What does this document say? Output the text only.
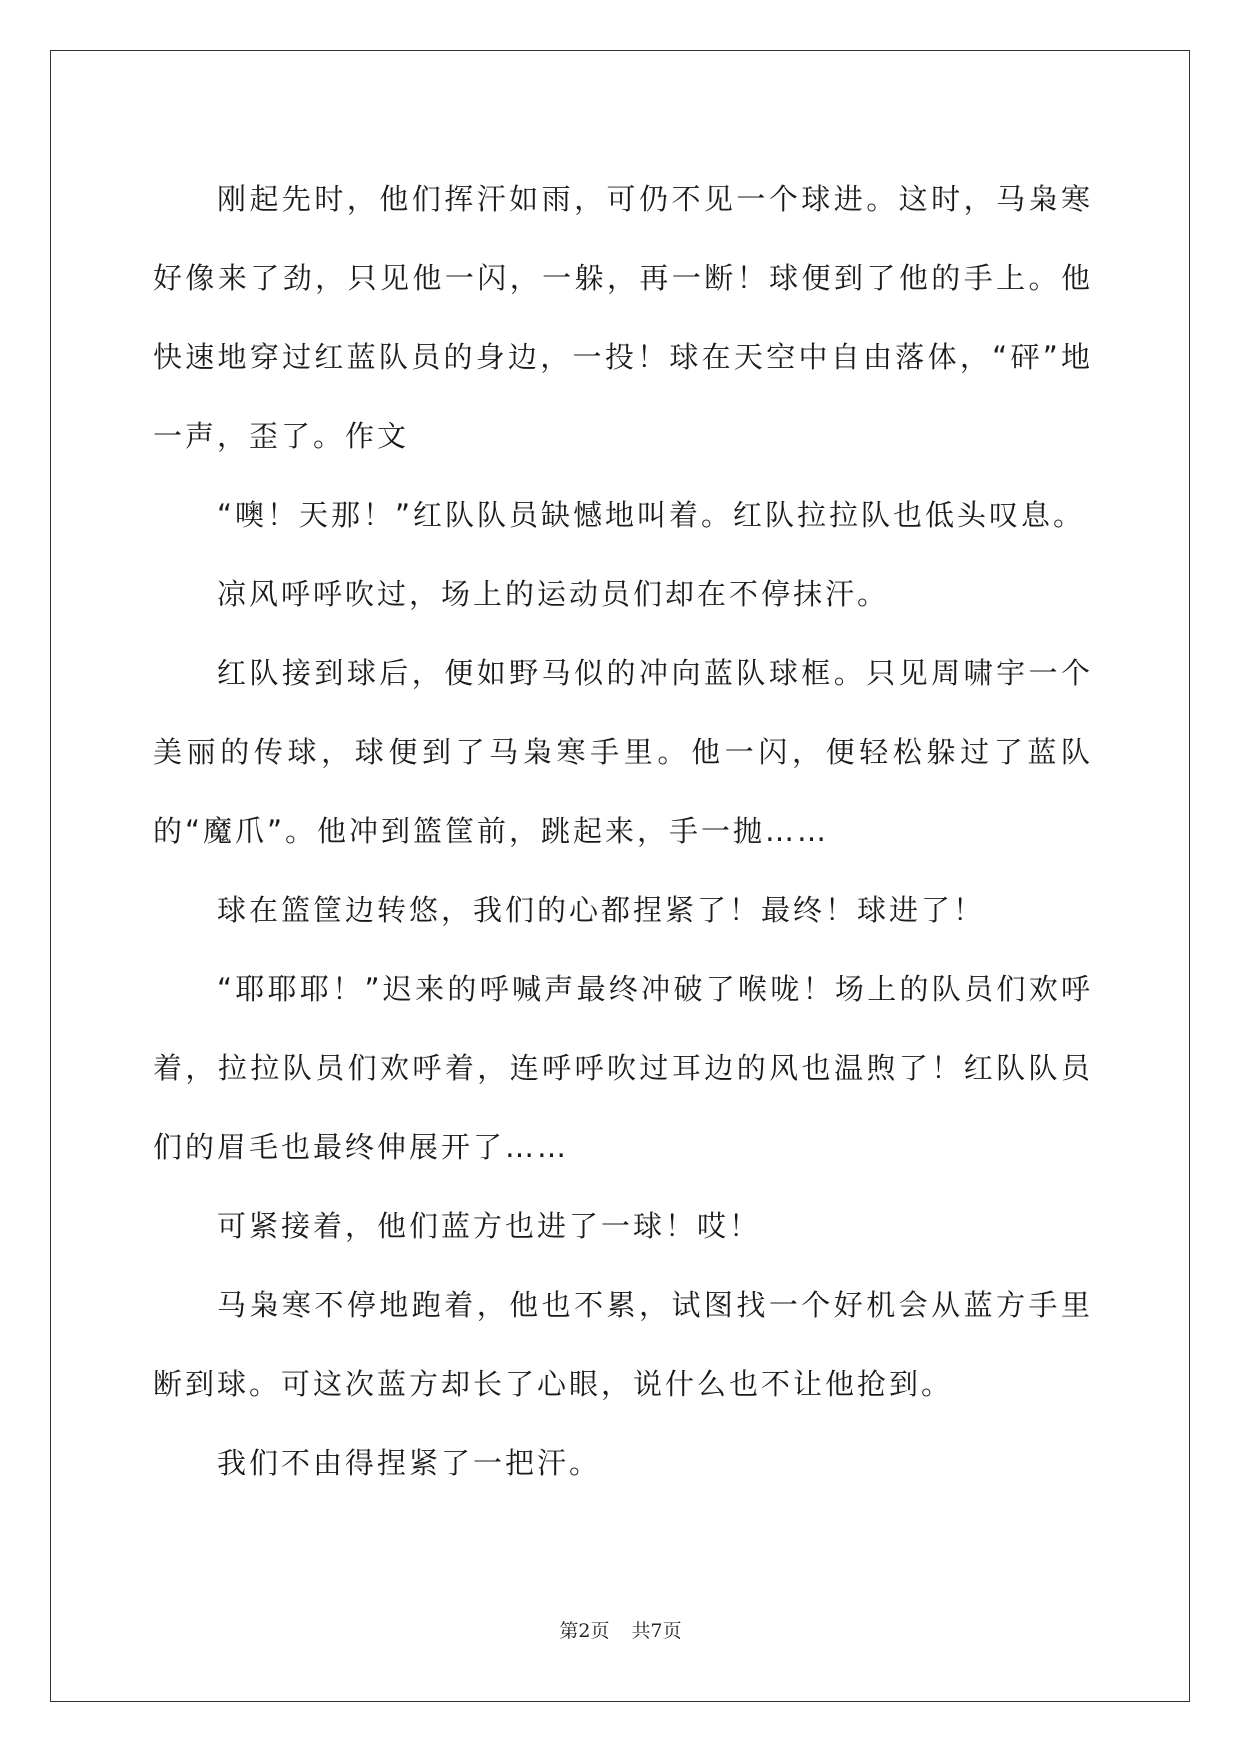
刚起先时，他们挥汗如雨，可仍不见一个球进。这时，马枭寒好像来了劲，只见他一闪，一躲，再一断！球便到了他的手上。他快速地穿过红蓝队员的身边，一投！球在天空中自由落体，“砰”地一声，歪了。作文

“噢！天那！”红队队员缺憾地叫着。红队拉拉队也低头叹息。

凉风呼呼吹过，场上的运动员们却在不停抹汗。

红队接到球后，便如野马似的冲向蓝队球框。只见周啸宇一个美丽的传球，球便到了马枭寒手里。他一闪，便轻松躲过了蓝队的“魔爪”。他冲到篮筐前，跳起来，手一抛……

球在篮筐边转悠，我们的心都捏紧了！最终！球进了！

“耶耶耶！”迟来的呼喊声最终冲破了喉咙！场上的队员们欢呼着，拉拉队员们欢呼着，连呼呼吹过耳边的风也温煦了！红队队员们的眉毛也最终伸展开了……

可紧接着，他们蓝方也进了一球！哎！

马枭寒不停地跑着，他也不累，试图找一个好机会从蓝方手里断到球。可这次蓝方却长了心眼，说什么也不让他抢到。

我们不由得捏紧了一把汗。

第2页 共7页
